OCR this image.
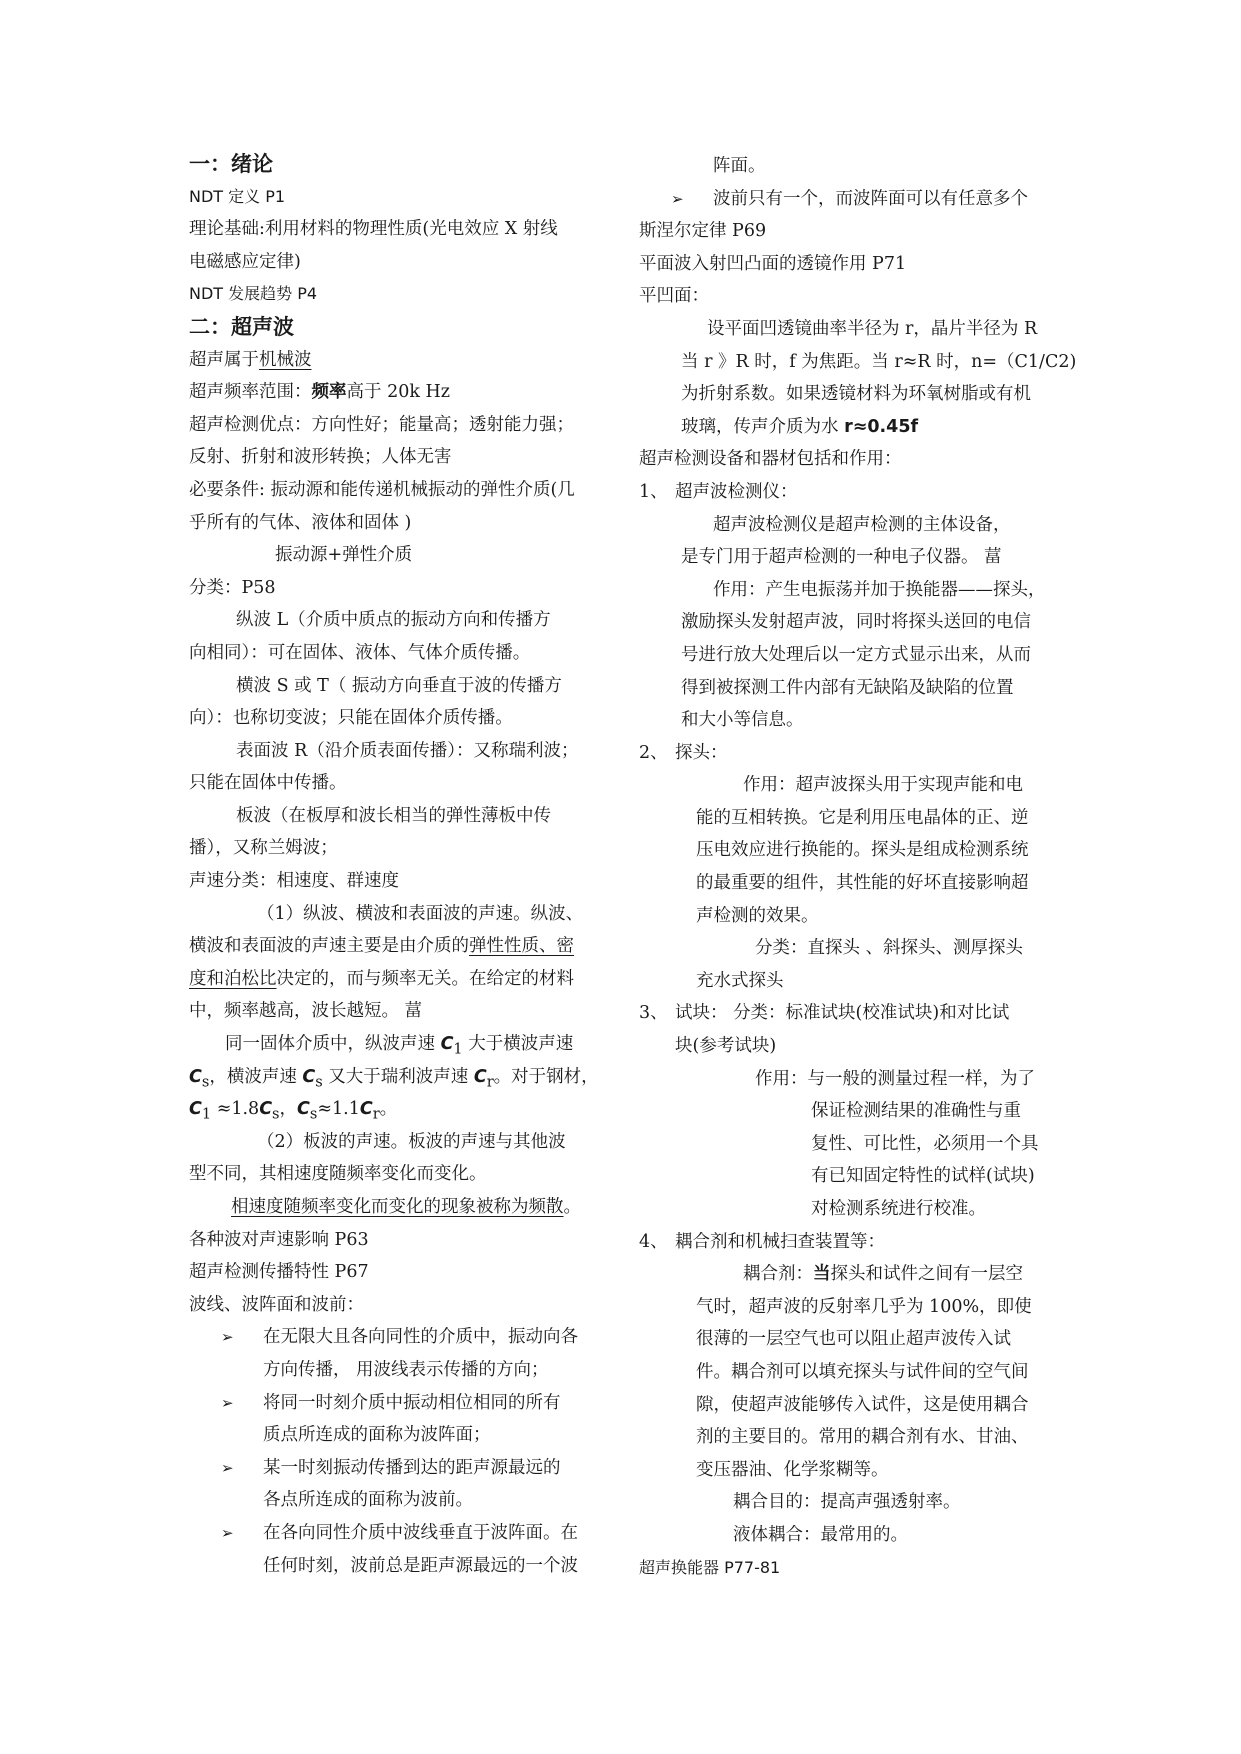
一：绪论
NDT 定义 P1
理论基础:利用材料的物理性质(光电效应 X 射线
电磁感应定律)
NDT 发展趋势 P4
二：超声波
超声属于机械波
超声频率范围：频率高于 20k Hz
超声检测优点：方向性好；能量高；透射能力强；
反射、折射和波形转换；人体无害
必要条件: 振动源和能传递机械振动的弹性介质(几
乎所有的气体、液体和固体 )
振动源+弹性介质
分类：P58
纵波 L（介质中质点的振动方向和传播方
向相同）：可在固体、液体、气体介质传播。
横波 S 或 T（ 振动方向垂直于波的传播方
向）：也称切变波；只能在固体介质传播。
表面波 R（沿介质表面传播）：又称瑞利波；
只能在固体中传播。
板波（在板厚和波长相当的弹性薄板中传
播），又称兰姆波；
声速分类：相速度、群速度
（1）纵波、横波和表面波的声速。纵波、
横波和表面波的声速主要是由介质的弹性性质、密
度和泊松比决定的，而与频率无关。在给定的材料
中，频率越高，波长越短。 葍
同一固体介质中，纵波声速 $C_1$ 大于横波声速
$C_s$，横波声速 $C_s$ 又大于瑞利波声速 $C_r$。对于钢材，
$C_1 \approx 1.8C_s$，$C_s\approx 1.1C_r$。
（2）板波的声速。板波的声速与其他波
型不同，其相速度随频率变化而变化。
相速度随频率变化而变化的现象被称为频散。
各种波对声速影响 P63
超声检测传播特性 P67
波线、波阵面和波前：
➢ 在无限大且各向同性的介质中，振动向各
方向传播， 用波线表示传播的方向；
➢ 将同一时刻介质中振动相位相同的所有
质点所连成的面称为波阵面；
➢ 某一时刻振动传播到达的距声源最远的
各点所连成的面称为波前。
➢ 在各向同性介质中波线垂直于波阵面。在
任何时刻，波前总是距声源最远的一个波
阵面。
➢ 波前只有一个，而波阵面可以有任意多个
斯涅尔定律 P69
平面波入射凹凸面的透镜作用 P71
平凹面：
设平面凹透镜曲率半径为 r，晶片半径为 R
当 r 》R 时，f 为焦距。当 r≈R 时，n=（C1/C2)
为折射系数。如果透镜材料为环氧树脂或有机
玻璃，传声介质为水 r≈0.45f
超声检测设备和器材包括和作用：
1、 超声波检测仪：
超声波检测仪是超声检测的主体设备，
是专门用于超声检测的一种电子仪器。 葍
作用：产生电振荡并加于换能器——探头，
激励探头发射超声波，同时将探头送回的电信
号进行放大处理后以一定方式显示出来，从而
得到被探测工件内部有无缺陷及缺陷的位置
和大小等信息。
2、 探头：
作用：超声波探头用于实现声能和电
能的互相转换。它是利用压电晶体的正、逆
压电效应进行换能的。探头是组成检测系统
的最重要的组件，其性能的好坏直接影响超
声检测的效果。
分类：直探头 、斜探头、测厚探头
充水式探头
3、 试块： 分类：标准试块(校准试块)和对比试
块(参考试块)
作用：与一般的测量过程一样，为了
保证检测结果的准确性与重
复性、可比性，必须用一个具
有已知固定特性的试样(试块)
对检测系统进行校准。
4、 耦合剂和机械扫查装置等：
耦合剂：当探头和试件之间有一层空
气时，超声波的反射率几乎为 100%，即使
很薄的一层空气也可以阻止超声波传入试
件。耦合剂可以填充探头与试件间的空气间
隙，使超声波能够传入试件，这是使用耦合
剂的主要目的。常用的耦合剂有水、甘油、
变压器油、化学浆糊等。
耦合目的：提高声强透射率。
液体耦合：最常用的。
超声换能器 P77-81
